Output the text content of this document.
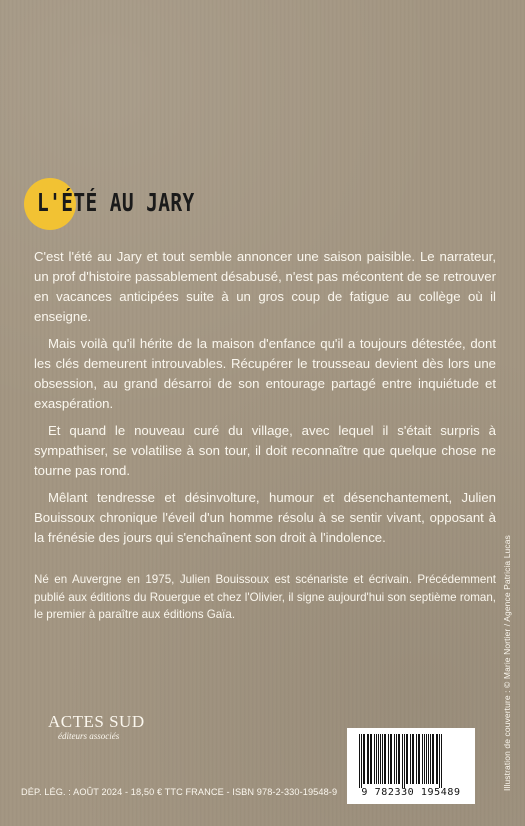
L'ÉTÉ AU JARY

C'est l'été au Jary et tout semble annoncer une saison paisible. Le narrateur, un prof d'histoire passablement désabusé, n'est pas mécontent de se retrouver en vacances anticipées suite à un gros coup de fatigue au collège où il enseigne.

Mais voilà qu'il hérite de la maison d'enfance qu'il a toujours détestée, dont les clés demeurent introuvables. Récupérer le trousseau devient dès lors une obsession, au grand désarroi de son entourage partagé entre inquiétude et exaspération.

Et quand le nouveau curé du village, avec lequel il s'était surpris à sympathiser, se volatilise à son tour, il doit reconnaître que quelque chose ne tourne pas rond.

Mêlant tendresse et désinvolture, humour et désenchantement, Julien Bouissoux chronique l'éveil d'un homme résolu à se sentir vivant, opposant à la frénésie des jours qui s'enchaînent son droit à l'indolence.

Né en Auvergne en 1975, Julien Bouissoux est scénariste et écrivain. Précédemment publié aux éditions du Rouergue et chez l'Olivier, il signe aujourd'hui son septième roman, le premier à paraître aux éditions Gaïa.

ACTES SUD
éditeurs associés
DÉP. LÉG. : AOÛT 2024 - 18,50 € TTC FRANCE - ISBN 978-2-330-19548-9
Illustration de couverture : © Marie Nortier / Agence Patricia Lucas
9 782330 195489
